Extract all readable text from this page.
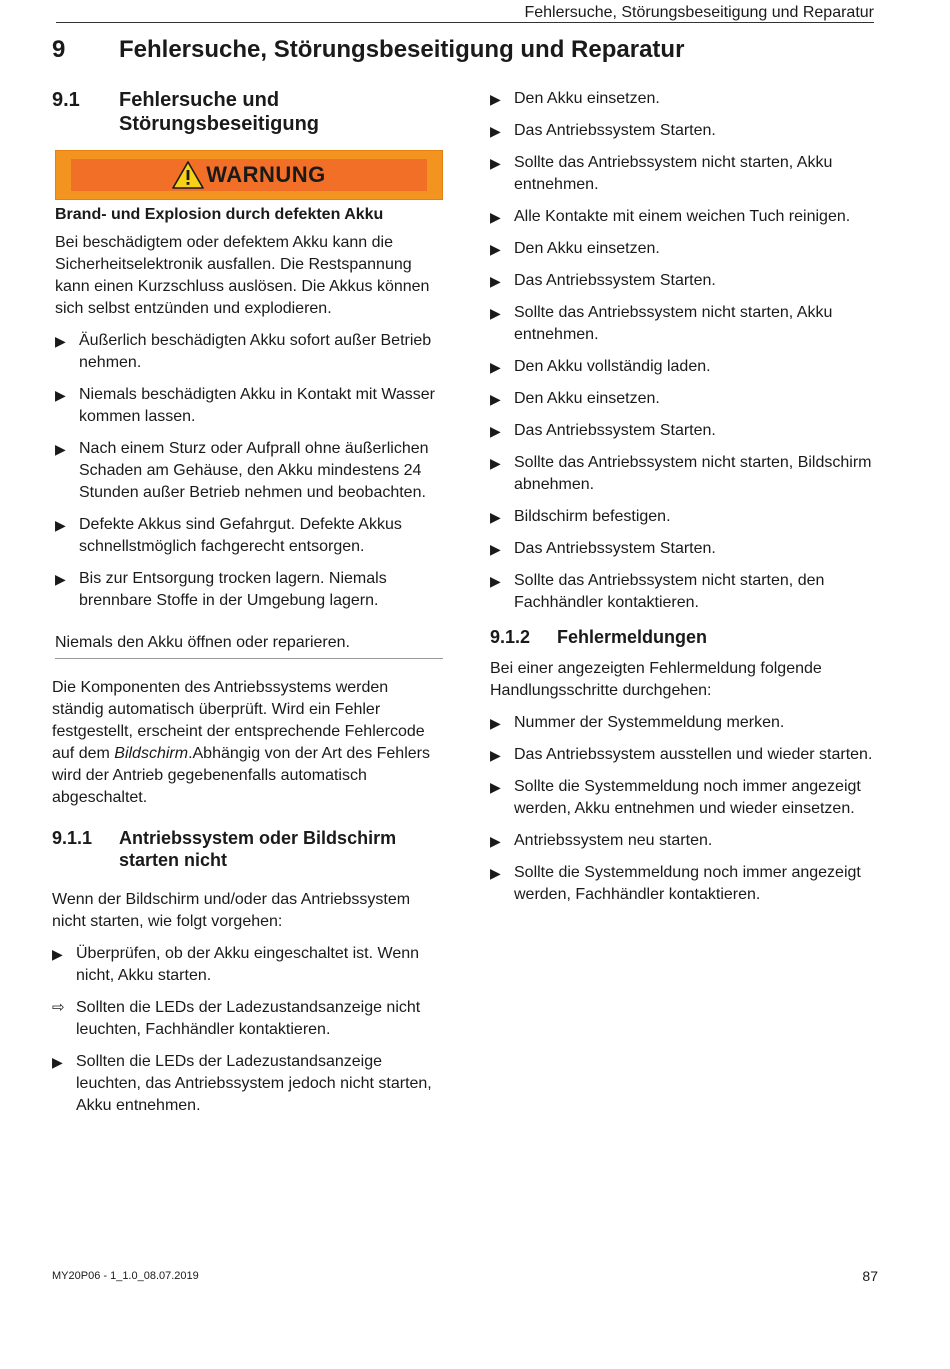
Fehlersuche, Störungsbeseitigung und Reparatur
9	Fehlersuche, Störungsbeseitigung und Reparatur
9.1	Fehlersuche und Störungsbeseitigung
WARNUNG
Brand- und Explosion durch defekten Akku

Bei beschädigtem oder defektem Akku kann die Sicherheitselektronik ausfallen. Die Restspannung kann einen Kurzschluss auslösen. Die Akkus können sich selbst entzünden und explodieren.

▶ Äußerlich beschädigten Akku sofort außer Betrieb nehmen.
▶ Niemals beschädigten Akku in Kontakt mit Wasser kommen lassen.
▶ Nach einem Sturz oder Aufprall ohne äußerlichen Schaden am Gehäuse, den Akku mindestens 24 Stunden außer Betrieb nehmen und beobachten.
▶ Defekte Akkus sind Gefahrgut. Defekte Akkus schnellstmöglich fachgerecht entsorgen.
▶ Bis zur Entsorgung trocken lagern. Niemals brennbare Stoffe in der Umgebung lagern.
Niemals den Akku öffnen oder reparieren.

Die Komponenten des Antriebssystems werden ständig automatisch überprüft. Wird ein Fehler festgestellt, erscheint der entsprechende Fehlercode auf dem Bildschirm.Abhängig von der Art des Fehlers wird der Antrieb gegebenenfalls automatisch abgeschaltet.

9.1.1	Antriebssystem oder Bildschirm starten nicht

Wenn der Bildschirm und/oder das Antriebssystem nicht starten, wie folgt vorgehen:

▶ Überprüfen, ob der Akku eingeschaltet ist. Wenn nicht, Akku starten.
⇨ Sollten die LEDs der Ladezustandsanzeige nicht leuchten, Fachhändler kontaktieren.
▶ Sollten die LEDs der Ladezustandsanzeige leuchten, das Antriebssystem jedoch nicht starten, Akku entnehmen.
▶ Den Akku einsetzen.
▶ Das Antriebssystem Starten.
▶ Sollte das Antriebssystem nicht starten, Akku entnehmen.
▶ Alle Kontakte mit einem weichen Tuch reinigen.
▶ Den Akku einsetzen.
▶ Das Antriebssystem Starten.
▶ Sollte das Antriebssystem nicht starten, Akku entnehmen.
▶ Den Akku vollständig laden.
▶ Den Akku einsetzen.
▶ Das Antriebssystem Starten.
▶ Sollte das Antriebssystem nicht starten, Bildschirm abnehmen.
▶ Bildschirm befestigen.
▶ Das Antriebssystem Starten.
▶ Sollte das Antriebssystem nicht starten, den Fachhändler kontaktieren.
9.1.2	Fehlermeldungen

Bei einer angezeigten Fehlermeldung folgende Handlungsschritte durchgehen:

▶ Nummer der Systemmeldung merken.
▶ Das Antriebssystem ausstellen und wieder starten.
▶ Sollte die Systemmeldung noch immer angezeigt werden, Akku entnehmen und wieder einsetzen.
▶ Antriebssystem neu starten.
▶ Sollte die Systemmeldung noch immer angezeigt werden, Fachhändler kontaktieren.
MY20P06 - 1_1.0_08.07.2019	87
